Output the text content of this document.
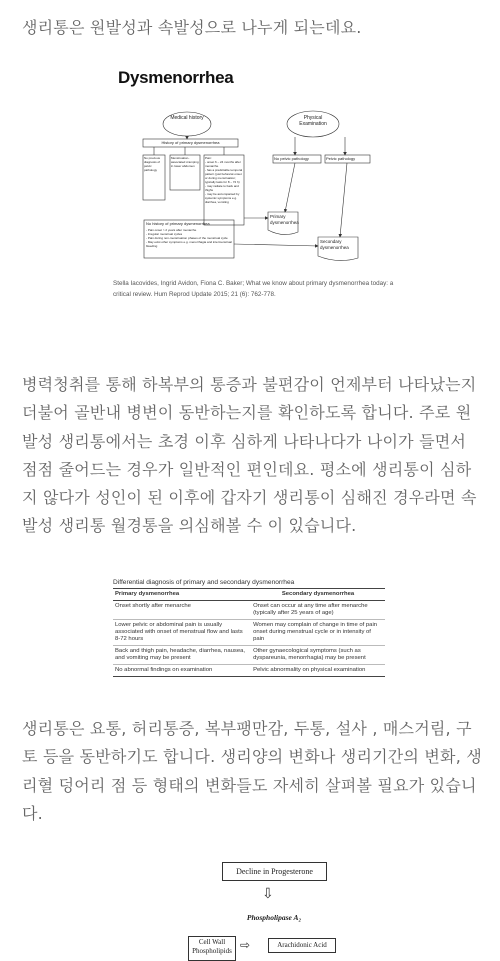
생리통은 원발성과 속발성으로 나누게 되는데요.

Dysmenorrhea
Medical history	Physical Examination
History of primary dysmenorrhea
No previous diagnosis of pelvic pathology
Menstruation-associated cramping in lower abdomen
Pain:
- onset 6 – 24 months after menarche
- has a predictable temporal pattern (just before/at onset or during menstruation; typically lasts for 8 – 72 h)
- may radiate to back and thighs
- may be accompanied by systemic symptoms e.g. diarrhea, vomiting
No pelvic pathology	Pelvic pathology
No history of primary dysmenorrhea
- Pain onset > 2 years after menarche
- Irregular menstrual cycles
- Pain during non-menstruation phases of the menstrual cycle
- May exist other symptoms e.g. menorrhagia and intermenstrual bleeding
Primary dysmenorrhea
Secondary dysmenorrhea
Stella Iacovides, Ingrid Avidon, Fiona C. Baker; What we know about primary dysmenorrhea today: a critical review. Hum Reprod Update 2015; 21 (6): 762-778.

병력청취를 통해 하복부의 통증과 불편감이 언제부터 나타났는지 더불어 골반내 병변이 동반하는지를 확인하도록 합니다. 주로 원발성 생리통에서는 초경 이후 심하게 나타나다가 나이가 들면서 점점 줄어드는 경우가 일반적인 편인데요. 평소에 생리통이 심하지 않다가 성인이 된 이후에 갑자기 생리통이 심해진 경우라면 속발성 생리통 월경통을 의심해볼 수 이 있습니다.

Differential diagnosis of primary and secondary dysmenorrhea
Primary dysmenorrhea	Secondary dysmenorrhea
Onset shortly after menarche	Onset can occur at any time after menarche (typically after 25 years of age)
Lower pelvic or abdominal pain is usually associated with onset of menstrual flow and lasts 8-72 hours	Women may complain of change in time of pain onset during menstrual cycle or in intensity of pain
Back and thigh pain, headache, diarrhea, nausea, and vomiting may be present	Other gynaecological symptoms (such as dyspareunia, menorrhagia) may be present
No abnormal findings on examination	Pelvic abnormality on physical examination

생리통은 요통, 허리통증, 복부팽만감, 두통, 설사 , 매스거림, 구토 등을 동반하기도 합니다. 생리양의 변화나 생리기간의 변화, 생리혈 덩어리 점 등 형태의 변화들도 자세히 살펴볼 필요가 있습니다.

Decline in Progesterone
⇩
Phospholipase A₂
Cell Wall Phospholipids ⇨	Arachidonic Acid
